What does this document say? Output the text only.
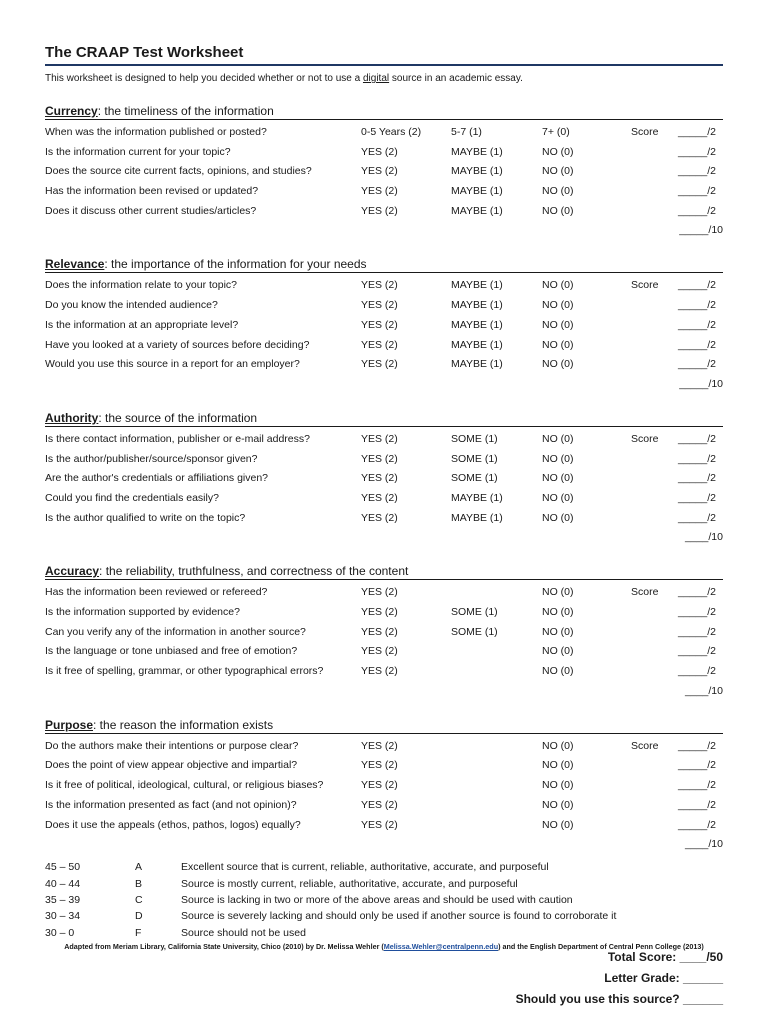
The CRAAP Test Worksheet
This worksheet is designed to help you decided whether or not to use a digital source in an academic essay.
Currency: the timeliness of the information
When was the information published or posted?	0-5 Years (2)	5-7 (1)	7+ (0)	Score _____/2
Is the information current for your topic?	YES (2)	MAYBE (1)	NO (0)	_____/2
Does the source cite current facts, opinions, and studies?	YES (2)	MAYBE (1)	NO (0)	_____/2
Has the information been revised or updated?	YES (2)	MAYBE (1)	NO (0)	_____/2
Does it discuss other current studies/articles?	YES (2)	MAYBE (1)	NO (0)	_____/2
_____/10
Relevance: the importance of the information for your needs
Does the information relate to your topic?	YES (2)	MAYBE (1)	NO (0)	Score _____/2
Do you know the intended audience?	YES (2)	MAYBE (1)	NO (0)	_____/2
Is the information at an appropriate level?	YES (2)	MAYBE (1)	NO (0)	_____/2
Have you looked at a variety of sources before deciding?	YES (2)	MAYBE (1)	NO (0)	_____/2
Would you use this source in a report for an employer?	YES (2)	MAYBE (1)	NO (0)	_____/2
_____/10
Authority: the source of the information
Is there contact information, publisher or e-mail address?	YES (2)	SOME (1)	NO (0)	Score _____/2
Is the author/publisher/source/sponsor given?	YES (2)	SOME (1)	NO (0)	_____/2
Are the author's credentials or affiliations given?	YES (2)	SOME (1)	NO (0)	_____/2
Could you find the credentials easily?	YES (2)	MAYBE (1)	NO (0)	_____/2
Is the author qualified to write on the topic?	YES (2)	MAYBE (1)	NO (0)	_____/2
____/10
Accuracy: the reliability, truthfulness, and correctness of the content
Has the information been reviewed or refereed?	YES (2)	NO (0)	Score _____/2
Is the information supported by evidence?	YES (2)	SOME (1)	NO (0)	_____/2
Can you verify any of the information in another source?	YES (2)	SOME (1)	NO (0)	_____/2
Is the language or tone unbiased and free of emotion?	YES (2)	NO (0)	_____/2
Is it free of spelling, grammar, or other typographical errors?	YES (2)	NO (0)	_____/2
____/10
Purpose: the reason the information exists
Do the authors make their intentions or purpose clear?	YES (2)	NO (0)	Score _____/2
Does the point of view appear objective and impartial?	YES (2)	NO (0)	_____/2
Is it free of political, ideological, cultural, or religious biases?	YES (2)	NO (0)	_____/2
Is the information presented as fact (and not opinion)?	YES (2)	NO (0)	_____/2
Does it use the appeals (ethos, pathos, logos) equally?	YES (2)	NO (0)	_____/2
____/10
45 – 50	A	Excellent source that is current, reliable, authoritative, accurate, and purposeful
40 – 44	B	Source is mostly current, reliable, authoritative, accurate, and purposeful
35 – 39	C	Source is lacking in two or more of the above areas and should be used with caution
30 – 34	D	Source is severely lacking and should only be used if another source is found to corroborate it
30 – 0	F	Source should not be used
Total Score: ____/50
Letter Grade: ______
Should you use this source? ______
Adapted from Meriam Library, California State University, Chico (2010) by Dr. Melissa Wehler (Melissa.Wehler@centralpenn.edu) and the English Department of Central Penn College (2013)
